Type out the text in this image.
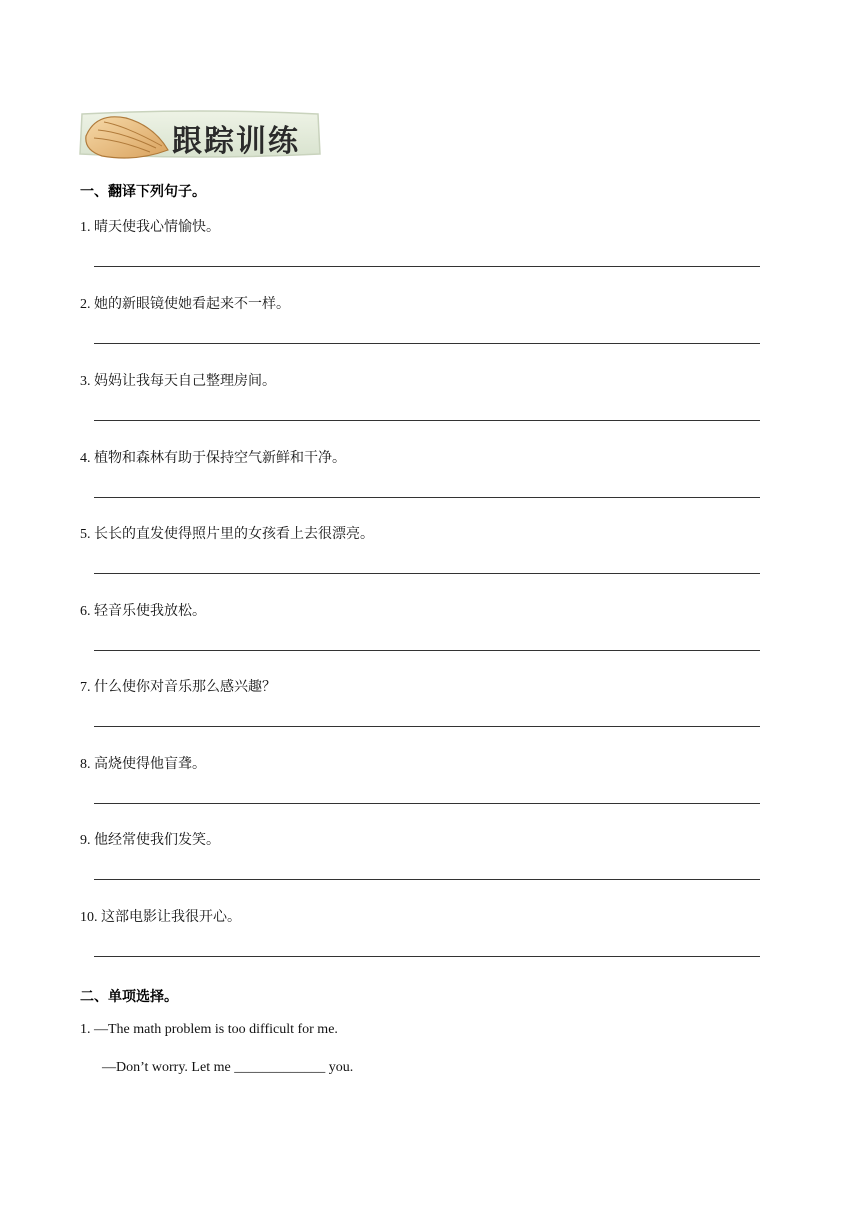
跟踪训练
一、翻译下列句子。
1. 晴天使我心情愉快。
2. 她的新眼镜使她看起来不一样。
3. 妈妈让我每天自己整理房间。
4. 植物和森林有助于保持空气新鲜和干净。
5. 长长的直发使得照片里的女孩看上去很漂亮。
6. 轻音乐使我放松。
7. 什么使你对音乐那么感兴趣？
8. 高烧使得他盲聋。
9. 他经常使我们发笑。
10. 这部电影让我很开心。
二、单项选择。
1. —The math problem is too difficult for me.
—Don’t worry. Let me _____________ you.
